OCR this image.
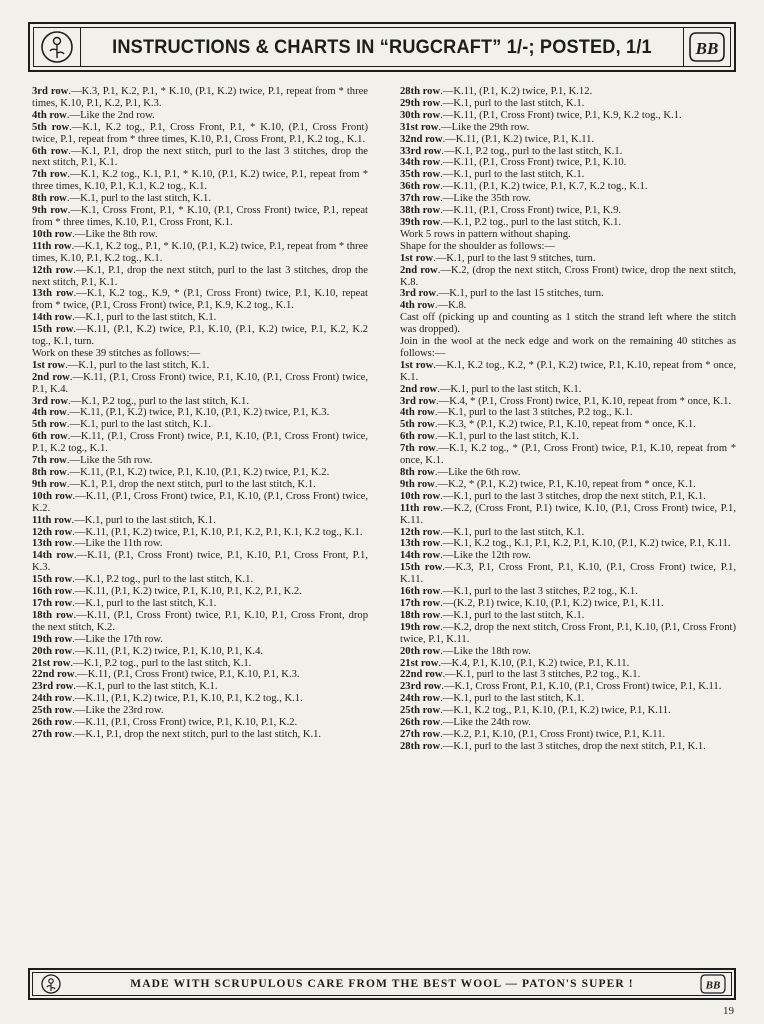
INSTRUCTIONS & CHARTS IN “RUGCRAFT” 1/-; POSTED, 1/1	BB

3rd row.—K.3, P.1, K.2, P.1, * K.10, (P.1, K.2) twice, P.1, repeat from * three times, K.10, P.1, K.2, P.1, K.3.

4th row.—Like the 2nd row.

5th row.—K.1, K.2 tog., P.1, Cross Front, P.1, * K.10, (P.1, Cross Front) twice, P.1, repeat from * three times, K.10, P.1, Cross Front, P.1, K.2 tog., K.1.

6th row.—K.1, P.1, drop the next stitch, purl to the last 3 stitches, drop the next stitch, P.1, K.1.

7th row.—K.1, K.2 tog., K.1, P.1, * K.10, (P.1, K.2) twice, P.1, repeat from * three times, K.10, P.1, K.1, K.2 tog., K.1.

8th row.—K.1, purl to the last stitch, K.1.

9th row.—K.1, Cross Front, P.1, * K.10, (P.1, Cross Front) twice, P.1, repeat from * three times, K.10, P.1, Cross Front, K.1.

10th row.—Like the 8th row.

11th row.—K.1, K.2 tog., P.1, * K.10, (P.1, K.2) twice, P.1, repeat from * three times, K.10, P.1, K.2 tog., K.1.

12th row.—K.1, P.1, drop the next stitch, purl to the last 3 stitches, drop the next stitch, P.1, K.1.

13th row.—K.1, K.2 tog., K.9, * (P.1, Cross Front) twice, P.1, K.10, repeat from * twice, (P.1, Cross Front) twice, P.1, K.9, K.2 tog., K.1.

14th row.—K.1, purl to the last stitch, K.1.

15th row.—K.11, (P.1, K.2) twice, P.1, K.10, (P.1, K.2) twice, P.1, K.2, K.2 tog., K.1, turn.

Work on these 39 stitches as follows:—

1st row.—K.1, purl to the last stitch, K.1.

2nd row.—K.11, (P.1, Cross Front) twice, P.1, K.10, (P.1, Cross Front) twice, P.1, K.4.

3rd row.—K.1, P.2 tog., purl to the last stitch, K.1.

4th row.—K.11, (P.1, K.2) twice, P.1, K.10, (P.1, K.2) twice, P.1, K.3.

5th row.—K.1, purl to the last stitch, K.1.

6th row.—K.11, (P.1, Cross Front) twice, P.1, K.10, (P.1, Cross Front) twice, P.1, K.2 tog., K.1.

7th row.—Like the 5th row.

8th row.—K.11, (P.1, K.2) twice, P.1, K.10, (P.1, K.2) twice, P.1, K.2.

9th row.—K.1, P.1, drop the next stitch, purl to the last stitch, K.1.

10th row.—K.11, (P.1, Cross Front) twice, P.1, K.10, (P.1, Cross Front) twice, K.2.

11th row.—K.1, purl to the last stitch, K.1.

12th row.—K.11, (P.1, K.2) twice, P.1, K.10, P.1, K.2, P.1, K.1, K.2 tog., K.1.

13th row.—Like the 11th row.

14th row.—K.11, (P.1, Cross Front) twice, P.1, K.10, P.1, Cross Front, P.1, K.3.

15th row.—K.1, P.2 tog., purl to the last stitch, K.1.

16th row.—K.11, (P.1, K.2) twice, P.1, K.10, P.1, K.2, P.1, K.2.

17th row.—K.1, purl to the last stitch, K.1.

18th row.—K.11, (P.1, Cross Front) twice, P.1, K.10, P.1, Cross Front, drop the next stitch, K.2.

19th row.—Like the 17th row.

20th row.—K.11, (P.1, K.2) twice, P.1, K.10, P.1, K.4.

21st row.—K.1, P.2 tog., purl to the last stitch, K.1.

22nd row.—K.11, (P.1, Cross Front) twice, P.1, K.10, P.1, K.3.

23rd row.—K.1, purl to the last stitch, K.1.

24th row.—K.11, (P.1, K.2) twice, P.1, K.10, P.1, K.2 tog., K.1.

25th row.—Like the 23rd row.

26th row.—K.11, (P.1, Cross Front) twice, P.1, K.10, P.1, K.2.

27th row.—K.1, P.1, drop the next stitch, purl to the last stitch, K.1.

28th row.—K.11, (P.1, K.2) twice, P.1, K.12.

29th row.—K.1, purl to the last stitch, K.1.

30th row.—K.11, (P.1, Cross Front) twice, P.1, K.9, K.2 tog., K.1.

31st row.—Like the 29th row.

32nd row.—K.11, (P.1, K.2) twice, P.1, K.11.

33rd row.—K.1, P.2 tog., purl to the last stitch, K.1.

34th row.—K.11, (P.1, Cross Front) twice, P.1, K.10.

35th row.—K.1, purl to the last stitch, K.1.

36th row.—K.11, (P.1, K.2) twice, P.1, K.7, K.2 tog., K.1.

37th row.—Like the 35th row.

38th row.—K.11, (P.1, Cross Front) twice, P.1, K.9.

39th row.—K.1, P.2 tog., purl to the last stitch, K.1.

Work 5 rows in pattern without shaping.

Shape for the shoulder as follows:—

1st row.—K.1, purl to the last 9 stitches, turn.

2nd row.—K.2, (drop the next stitch, Cross Front) twice, drop the next stitch, K.8.

3rd row.—K.1, purl to the last 15 stitches, turn.

4th row.—K.8.

Cast off (picking up and counting as 1 stitch the strand left where the stitch was dropped).

Join in the wool at the neck edge and work on the remaining 40 stitches as follows:—

1st row.—K.1, K.2 tog., K.2, * (P.1, K.2) twice, P.1, K.10, repeat from * once, K.1.

2nd row.—K.1, purl to the last stitch, K.1.

3rd row.—K.4, * (P.1, Cross Front) twice, P.1, K.10, repeat from * once, K.1.

4th row.—K.1, purl to the last 3 stitches, P.2 tog., K.1.

5th row.—K.3, * (P.1, K.2) twice, P.1, K.10, repeat from * once, K.1.

6th row.—K.1, purl to the last stitch, K.1.

7th row.—K.1, K.2 tog., * (P.1, Cross Front) twice, P.1, K.10, repeat from * once, K.1.

8th row.—Like the 6th row.

9th row.—K.2, * (P.1, K.2) twice, P.1, K.10, repeat from * once, K.1.

10th row.—K.1, purl to the last 3 stitches, drop the next stitch, P.1, K.1.

11th row.—K.2, (Cross Front, P.1) twice, K.10, (P.1, Cross Front) twice, P.1, K.11.

12th row.—K.1, purl to the last stitch, K.1.

13th row.—K.1, K.2 tog., K.1, P.1, K.2, P.1, K.10, (P.1, K.2) twice, P.1, K.11.

14th row.—Like the 12th row.

15th row.—K.3, P.1, Cross Front, P.1, K.10, (P.1, Cross Front) twice, P.1, K.11.

16th row.—K.1, purl to the last 3 stitches, P.2 tog., K.1.

17th row.—(K.2, P.1) twice, K.10, (P.1, K.2) twice, P.1, K.11.

18th row.—K.1, purl to the last stitch, K.1.

19th row.—K.2, drop the next stitch, Cross Front, P.1, K.10, (P.1, Cross Front) twice, P.1, K.11.

20th row.—Like the 18th row.

21st row.—K.4, P.1, K.10, (P.1, K.2) twice, P.1, K.11.

22nd row.—K.1, purl to the last 3 stitches, P.2 tog., K.1.

23rd row.—K.1, Cross Front, P.1, K.10, (P.1, Cross Front) twice, P.1, K.11.

24th row.—K.1, purl to the last stitch, K.1.

25th row.—K.1, K.2 tog., P.1, K.10, (P.1, K.2) twice, P.1, K.11.

26th row.—Like the 24th row.

27th row.—K.2, P.1, K.10, (P.1, Cross Front) twice, P.1, K.11.

28th row.—K.1, purl to the last 3 stitches, drop the next stitch, P.1, K.1.

MADE WITH SCRUPULOUS CARE FROM THE BEST WOOL — PATON'S SUPER !	BB
19
